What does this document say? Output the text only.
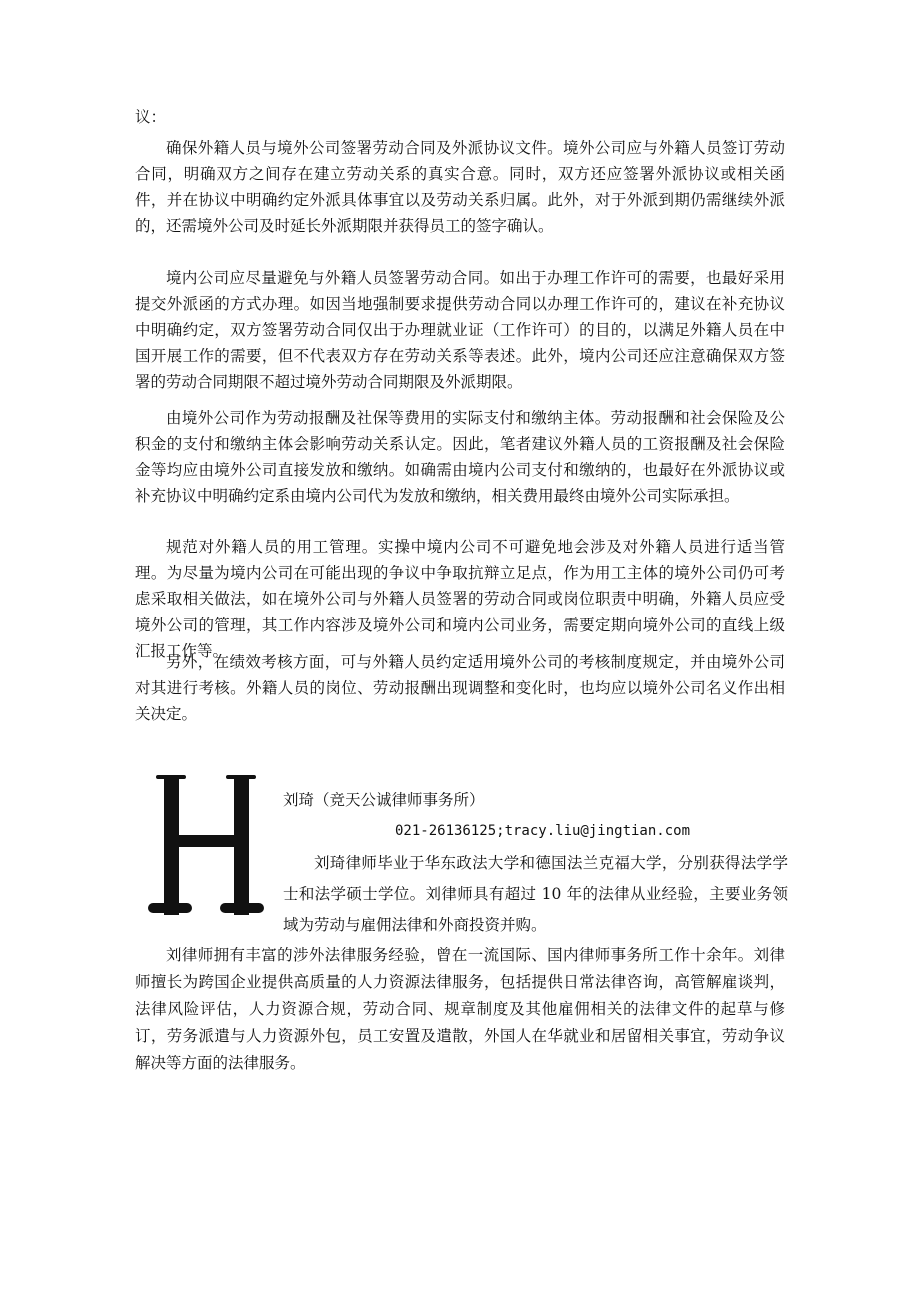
议：

确保外籍人员与境外公司签署劳动合同及外派协议文件。境外公司应与外籍人员签订劳动合同，明确双方之间存在建立劳动关系的真实合意。同时，双方还应签署外派协议或相关函件，并在协议中明确约定外派具体事宜以及劳动关系归属。此外，对于外派到期仍需继续外派的，还需境外公司及时延长外派期限并获得员工的签字确认。

境内公司应尽量避免与外籍人员签署劳动合同。如出于办理工作许可的需要，也最好采用提交外派函的方式办理。如因当地强制要求提供劳动合同以办理工作许可的，建议在补充协议中明确约定，双方签署劳动合同仅出于办理就业证（工作许可）的目的，以满足外籍人员在中国开展工作的需要，但不代表双方存在劳动关系等表述。此外，境内公司还应注意确保双方签署的劳动合同期限不超过境外劳动合同期限及外派期限。

由境外公司作为劳动报酬及社保等费用的实际支付和缴纳主体。劳动报酬和社会保险及公积金的支付和缴纳主体会影响劳动关系认定。因此，笔者建议外籍人员的工资报酬及社会保险金等均应由境外公司直接发放和缴纳。如确需由境内公司支付和缴纳的，也最好在外派协议或补充协议中明确约定系由境内公司代为发放和缴纳，相关费用最终由境外公司实际承担。

规范对外籍人员的用工管理。实操中境内公司不可避免地会涉及对外籍人员进行适当管理。为尽量为境内公司在可能出现的争议中争取抗辩立足点，作为用工主体的境外公司仍可考虑采取相关做法，如在境外公司与外籍人员签署的劳动合同或岗位职责中明确，外籍人员应受境外公司的管理，其工作内容涉及境外公司和境内公司业务，需要定期向境外公司的直线上级汇报工作等。

另外，在绩效考核方面，可与外籍人员约定适用境外公司的考核制度规定，并由境外公司对其进行考核。外籍人员的岗位、劳动报酬出现调整和变化时，也均应以境外公司名义作出相关决定。

刘琦（竞天公诚律师事务所）

021-26136125;tracy.liu@jingtian.com

刘琦律师毕业于华东政法大学和德国法兰克福大学，分别获得法学学士和法学硕士学位。刘律师具有超过 10 年的法律从业经验，主要业务领域为劳动与雇佣法律和外商投资并购。

刘律师拥有丰富的涉外法律服务经验，曾在一流国际、国内律师事务所工作十余年。刘律师擅长为跨国企业提供高质量的人力资源法律服务，包括提供日常法律咨询，高管解雇谈判，法律风险评估，人力资源合规，劳动合同、规章制度及其他雇佣相关的法律文件的起草与修订，劳务派遣与人力资源外包，员工安置及遣散，外国人在华就业和居留相关事宜，劳动争议解决等方面的法律服务。
